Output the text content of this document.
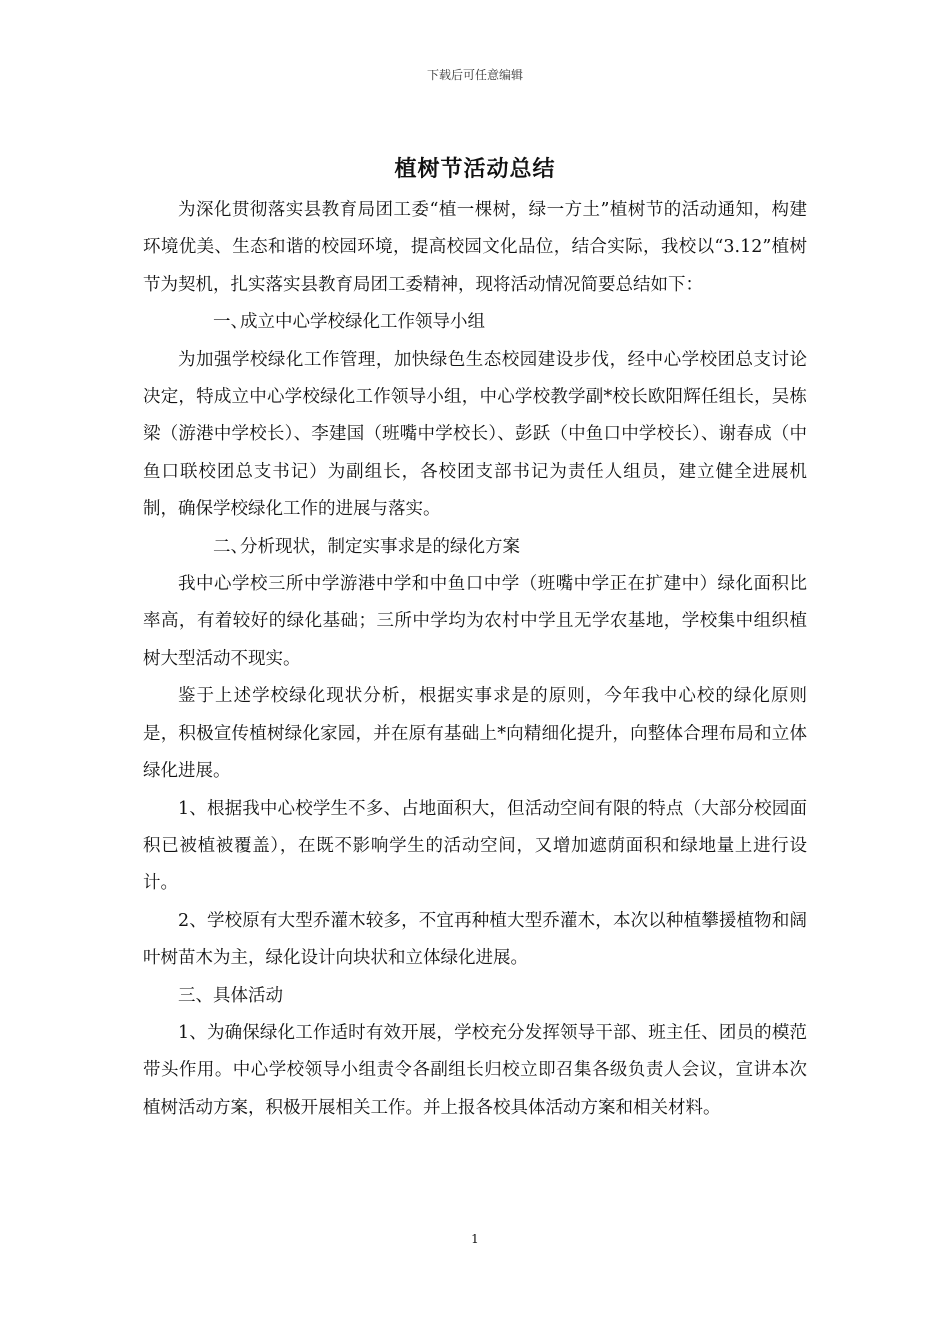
下载后可任意编辑
植树节活动总结

为深化贯彻落实县教育局团工委“植一棵树，绿一方土”植树节的活动通知，构建环境优美、生态和谐的校园环境，提高校园文化品位，结合实际，我校以“3.12”植树节为契机，扎实落实县教育局团工委精神，现将活动情况简要总结如下：

一、成立中心学校绿化工作领导小组

为加强学校绿化工作管理，加快绿色生态校园建设步伐，经中心学校团总支讨论决定，特成立中心学校绿化工作领导小组，中心学校教学副*校长欧阳辉任组长，吴栋梁（游港中学校长）、李建国（班嘴中学校长）、彭跃（中鱼口中学校长）、谢春成（中鱼口联校团总支书记）为副组长，各校团支部书记为责任人组员，建立健全进展机制，确保学校绿化工作的进展与落实。

二、分析现状，制定实事求是的绿化方案

我中心学校三所中学游港中学和中鱼口中学（班嘴中学正在扩建中）绿化面积比率高，有着较好的绿化基础；三所中学均为农村中学且无学农基地，学校集中组织植树大型活动不现实。

鉴于上述学校绿化现状分析，根据实事求是的原则，今年我中心校的绿化原则是，积极宣传植树绿化家园，并在原有基础上*向精细化提升，向整体合理布局和立体绿化进展。

1、根据我中心校学生不多、占地面积大，但活动空间有限的特点（大部分校园面积已被植被覆盖），在既不影响学生的活动空间，又增加遮荫面积和绿地量上进行设计。

2、学校原有大型乔灌木较多，不宜再种植大型乔灌木，本次以种植攀援植物和阔叶树苗木为主，绿化设计向块状和立体绿化进展。

三、具体活动

1、为确保绿化工作适时有效开展，学校充分发挥领导干部、班主任、团员的模范带头作用。中心学校领导小组责令各副组长归校立即召集各级负责人会议，宣讲本次植树活动方案，积极开展相关工作。并上报各校具体活动方案和相关材料。

1
